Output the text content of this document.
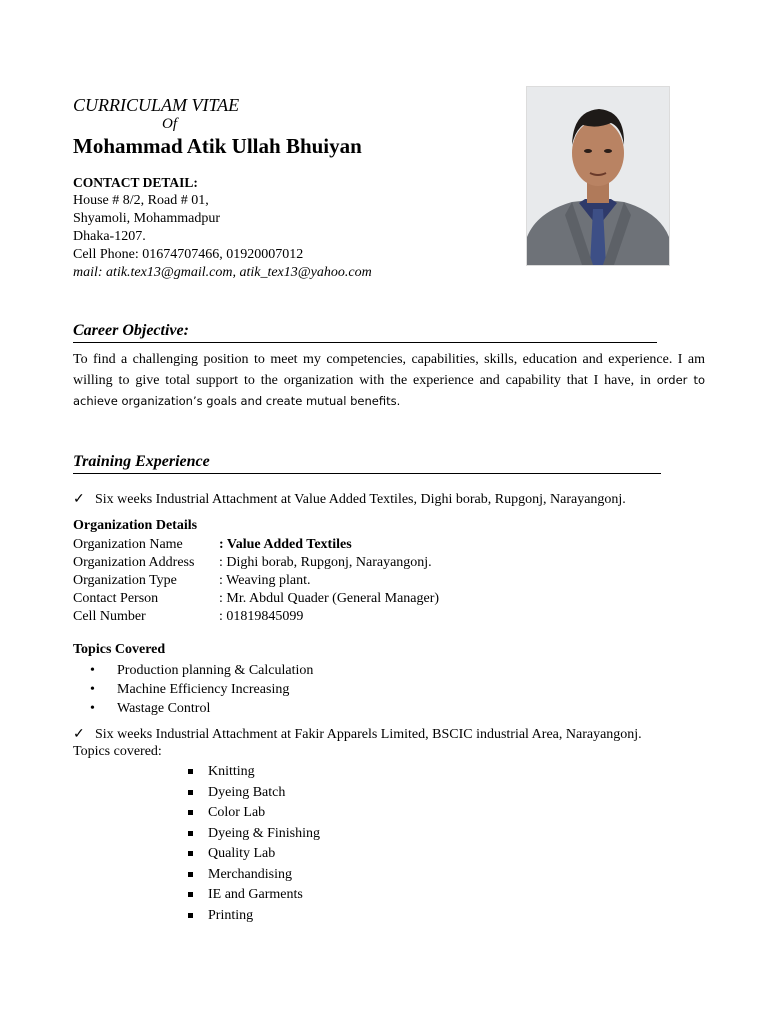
CURRICULAM VITAE
Of
Mohammad Atik Ullah Bhuiyan
CONTACT DETAIL:
House # 8/2, Road # 01,
Shyamoli, Mohammadpur
Dhaka-1207.
Cell Phone: 01674707466, 01920007012
mail: atik.tex13@gmail.com, atik_tex13@yahoo.com
Career Objective:
To find a challenging position to meet my competencies, capabilities, skills, education and experience. I am willing to give total support to the organization with the experience and capability that I have, in order to achieve organization’s goals and create mutual benefits.
Training Experience
✓ Six weeks Industrial Attachment at Value Added Textiles, Dighi borab, Rupgonj, Narayangonj.
Organization Details
Organization Name	: Value Added Textiles
Organization Address	: Dighi borab, Rupgonj, Narayangonj.
Organization Type	: Weaving plant.
Contact Person	: Mr. Abdul Quader (General Manager)
Cell Number	: 01819845099
Topics Covered
• Production planning & Calculation
• Machine Efficiency Increasing
• Wastage Control
✓ Six weeks Industrial Attachment at Fakir Apparels Limited, BSCIC industrial Area, Narayangonj.
Topics covered:
Knitting
Dyeing Batch
Color Lab
Dyeing & Finishing
Quality Lab
Merchandising
IE and Garments
Printing
